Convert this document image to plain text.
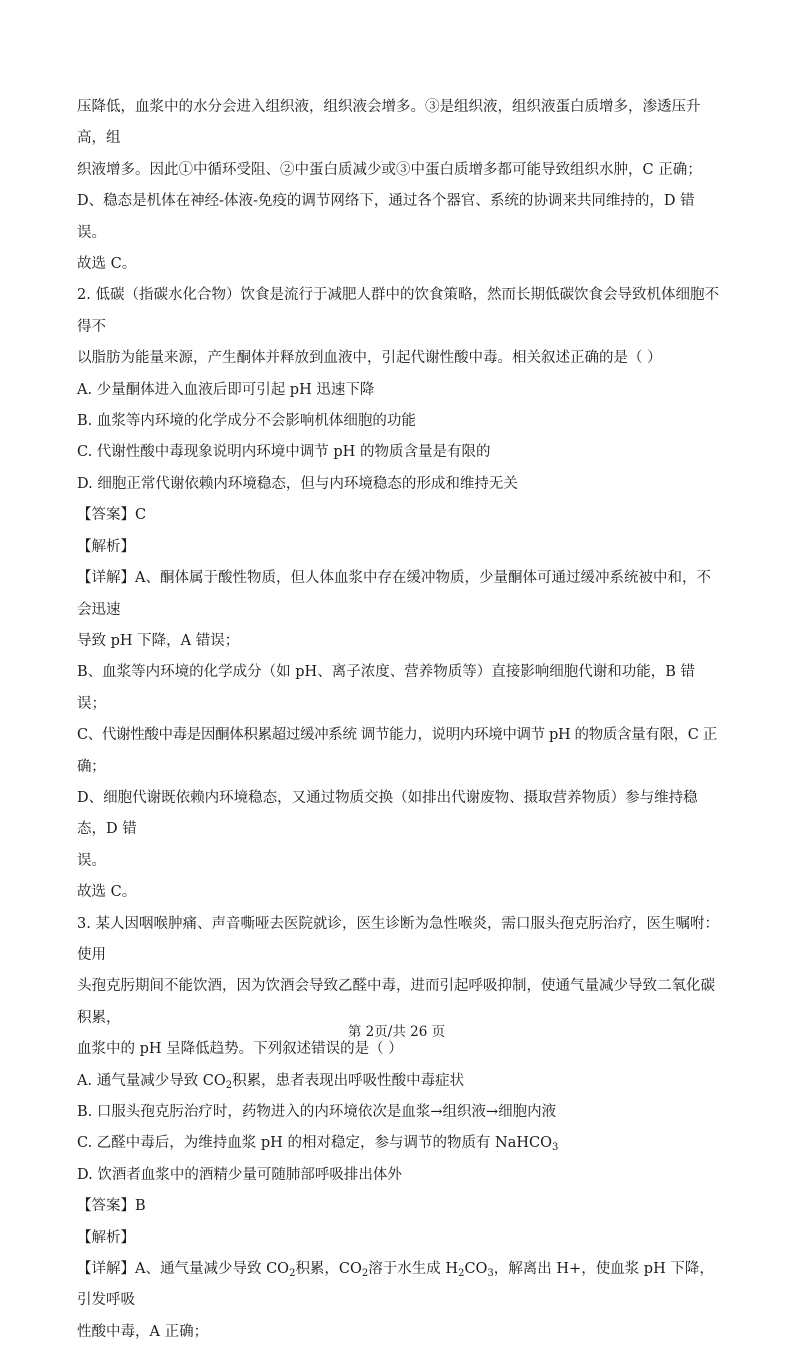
压降低，血浆中的水分会进入组织液，组织液会增多。③是组织液，组织液蛋白质增多，渗透压升高，组

织液增多。因此①中循环受阻、②中蛋白质减少或③中蛋白质增多都可能导致组织水肿，C 正确；

D、稳态是机体在神经-体液-免疫的调节网络下，通过各个器官、系统的协调来共同维持的，D 错误。

故选 C。

2. 低碳（指碳水化合物）饮食是流行于减肥人群中的饮食策略，然而长期低碳饮食会导致机体细胞不得不

以脂肪为能量来源，产生酮体并释放到血液中，引起代谢性酸中毒。相关叙述正确的是（ ）

A. 少量酮体进入血液后即可引起 pH 迅速下降

B. 血浆等内环境的化学成分不会影响机体细胞的功能

C. 代谢性酸中毒现象说明内环境中调节 pH 的物质含量是有限的

D. 细胞正常代谢依赖内环境稳态，但与内环境稳态的形成和维持无关

【答案】C

【解析】

【详解】A、酮体属于酸性物质，但人体血浆中存在缓冲物质，少量酮体可通过缓冲系统被中和，不会迅速

导致 pH 下降，A 错误；

B、血浆等内环境的化学成分（如 pH、离子浓度、营养物质等）直接影响细胞代谢和功能，B 错误；

C、代谢性酸中毒是因酮体积累超过缓冲系统 调节能力，说明内环境中调节 pH 的物质含量有限，C 正确；

D、细胞代谢既依赖内环境稳态，又通过物质交换（如排出代谢废物、摄取营养物质）参与维持稳态，D 错

误。

故选 C。

3. 某人因咽喉肿痛、声音嘶哑去医院就诊，医生诊断为急性喉炎，需口服头孢克肟治疗，医生嘱咐：使用

头孢克肟期间不能饮酒，因为饮酒会导致乙醛中毒，进而引起呼吸抑制，使通气量减少导致二氧化碳积累，

血浆中的 pH 呈降低趋势。下列叙述错误的是（ ）

A. 通气量减少导致 $CO_2$积累，患者表现出呼吸性酸中毒症状

B. 口服头孢克肟治疗时，药物进入的内环境依次是血浆→组织液→细胞内液

C. 乙醛中毒后，为维持血浆 pH 的相对稳定，参与调节的物质有 NaHCO$_3$

D. 饮酒者血浆中的酒精少量可随肺部呼吸排出体外

【答案】B

【解析】

【详解】A、通气量减少导致 $CO_2$积累，$CO_2$溶于水生成 $H_2CO_3$，解离出 H+，使血浆 pH 下降，引发呼吸

性酸中毒，A 正确；

第 2页/共 26 页
